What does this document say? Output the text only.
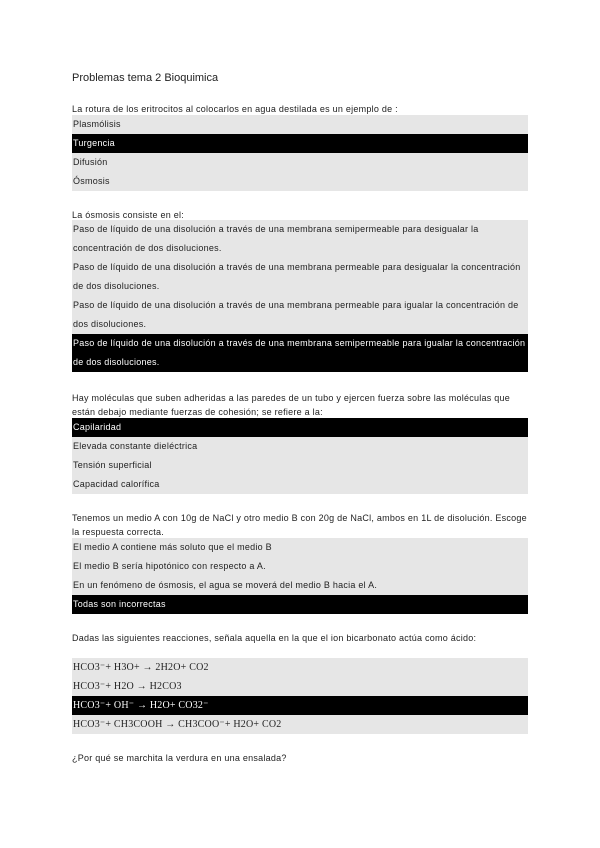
Problemas tema 2 Bioquimica
La rotura de los eritrocitos al colocarlos en agua destilada es un ejemplo de :
Plasmólisis
Turgencia
Difusión
Ósmosis
La ósmosis consiste en el:
Paso de líquido de una disolución a través de una membrana semipermeable para desigualar la concentración de dos disoluciones.
Paso de líquido de una disolución a través de una membrana permeable para desigualar la concentración de dos disoluciones.
Paso de líquido de una disolución a través de una membrana permeable para igualar la concentración de dos disoluciones.
Paso de líquido de una disolución a través de una membrana semipermeable para igualar la concentración de dos disoluciones.
Hay moléculas que suben adheridas a las paredes de un tubo y ejercen fuerza sobre las moléculas que están debajo mediante fuerzas de cohesión; se refiere a la:
Capilaridad
Elevada constante dieléctrica
Tensión superficial
Capacidad calorífica
Tenemos un medio A con 10g de NaCl y otro medio B con 20g de NaCl, ambos en 1L de disolución. Escoge la respuesta correcta.
El medio A contiene más soluto que el medio B
El medio B sería hipotónico con respecto a A.
En un fenómeno de ósmosis, el agua se moverá del medio B hacia el A.
Todas son incorrectas
Dadas las siguientes reacciones, señala aquella en la que el ion bicarbonato actúa como ácido:
HCO3⁻+ H3O+ → 2H2O+ CO2
HCO3⁻+ H2O → H2CO3
HCO3⁻+ OH⁻ → H2O+ CO32⁻
HCO3⁻+ CH3COOH → CH3COO⁻+ H2O+ CO2
¿Por qué se marchita la verdura en una ensalada?
